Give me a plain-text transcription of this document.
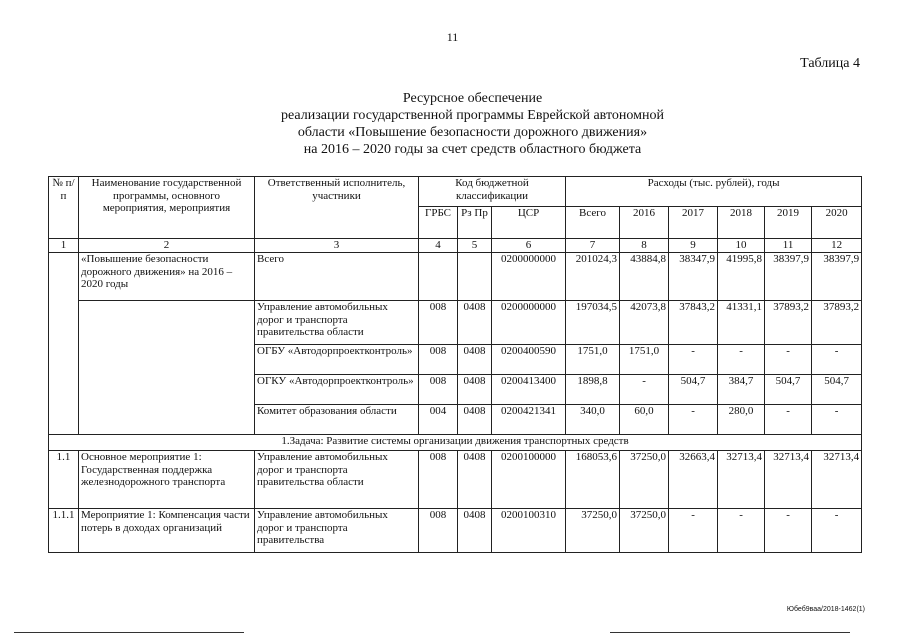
11
Таблица 4
Ресурсное обеспечение
реализации государственной программы Еврейской автономной
области «Повышение безопасности дорожного движения»
на 2016 – 2020 годы за счет средств областного бюджета
№ п/п	Наименование государственной программы, основного мероприятия, мероприятия	Ответственный исполнитель, участники	Код бюджетной классификации			Расходы (тыс. рублей), годы					
			ГРБС	Рз Пр	ЦСР	Всего	2016	2017	2018	2019	2020
1	2	3	4	5	6	7	8	9	10	11	12
	«Повышение безопасности дорожного движения» на 2016 – 2020 годы	Всего			0200000000	201024,3	43884,8	38347,9	41995,8	38397,9	38397,9
		Управление автомобильных дорог и транспорта правительства области	008	0408	0200000000	197034,5	42073,8	37843,2	41331,1	37893,2	37893,2
		ОГБУ «Автодорпроектконтроль»	008	0408	0200400590	1751,0	1751,0	-	-	-	-
		ОГКУ «Автодорпроектконтроль»	008	0408	0200413400	1898,8	-	504,7	384,7	504,7	504,7
		Комитет образования области	004	0408	0200421341	340,0	60,0	-	280,0	-	-
1.Задача: Развитие системы организации движения транспортных средств											
1.1	Основное мероприятие 1: Государственная поддержка железнодорожного транспорта	Управление автомобильных дорог и транспорта правительства области	008	0408	0200100000	168053,6	37250,0	32663,4	32713,4	32713,4	32713,4
1.1.1	Мероприятие 1: Компенсация части потерь в доходах организаций	Управление автомобильных дорог и транспорта правительства	008	0408	0200100310	37250,0	37250,0	-	-	-	-
Юбеб9ваа/2018-1462(1)
